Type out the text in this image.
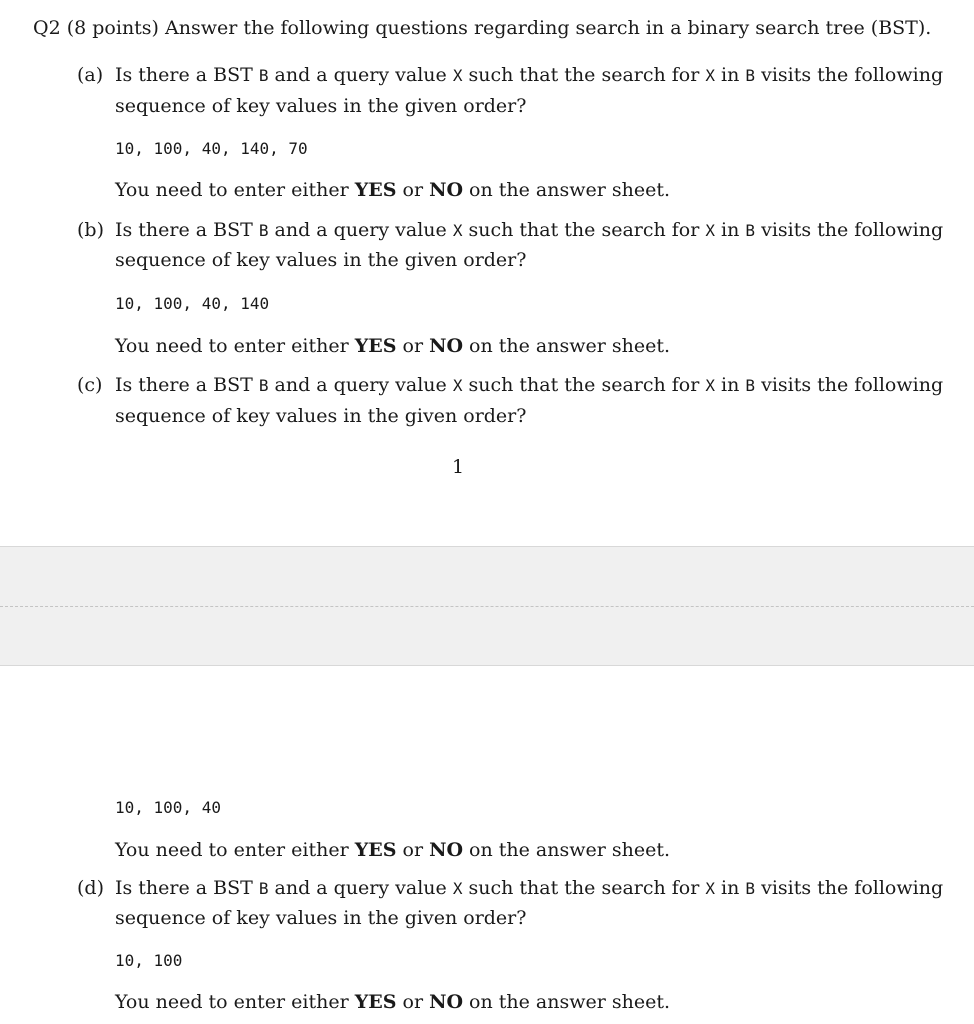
Q2 (8 points) Answer the following questions regarding search in a binary search tree (BST).
(a) Is there a BST B and a query value X such that the search for X in B visits the following
sequence of key values in the given order?
10, 100, 40, 140, 70
You need to enter either YES or NO on the answer sheet.
(b) Is there a BST B and a query value X such that the search for X in B visits the following
sequence of key values in the given order?
10, 100, 40, 140
You need to enter either YES or NO on the answer sheet.
(c) Is there a BST B and a query value X such that the search for X in B visits the following
sequence of key values in the given order?
1
10, 100, 40
You need to enter either YES or NO on the answer sheet.
(d) Is there a BST B and a query value X such that the search for X in B visits the following
sequence of key values in the given order?
10, 100
You need to enter either YES or NO on the answer sheet.
